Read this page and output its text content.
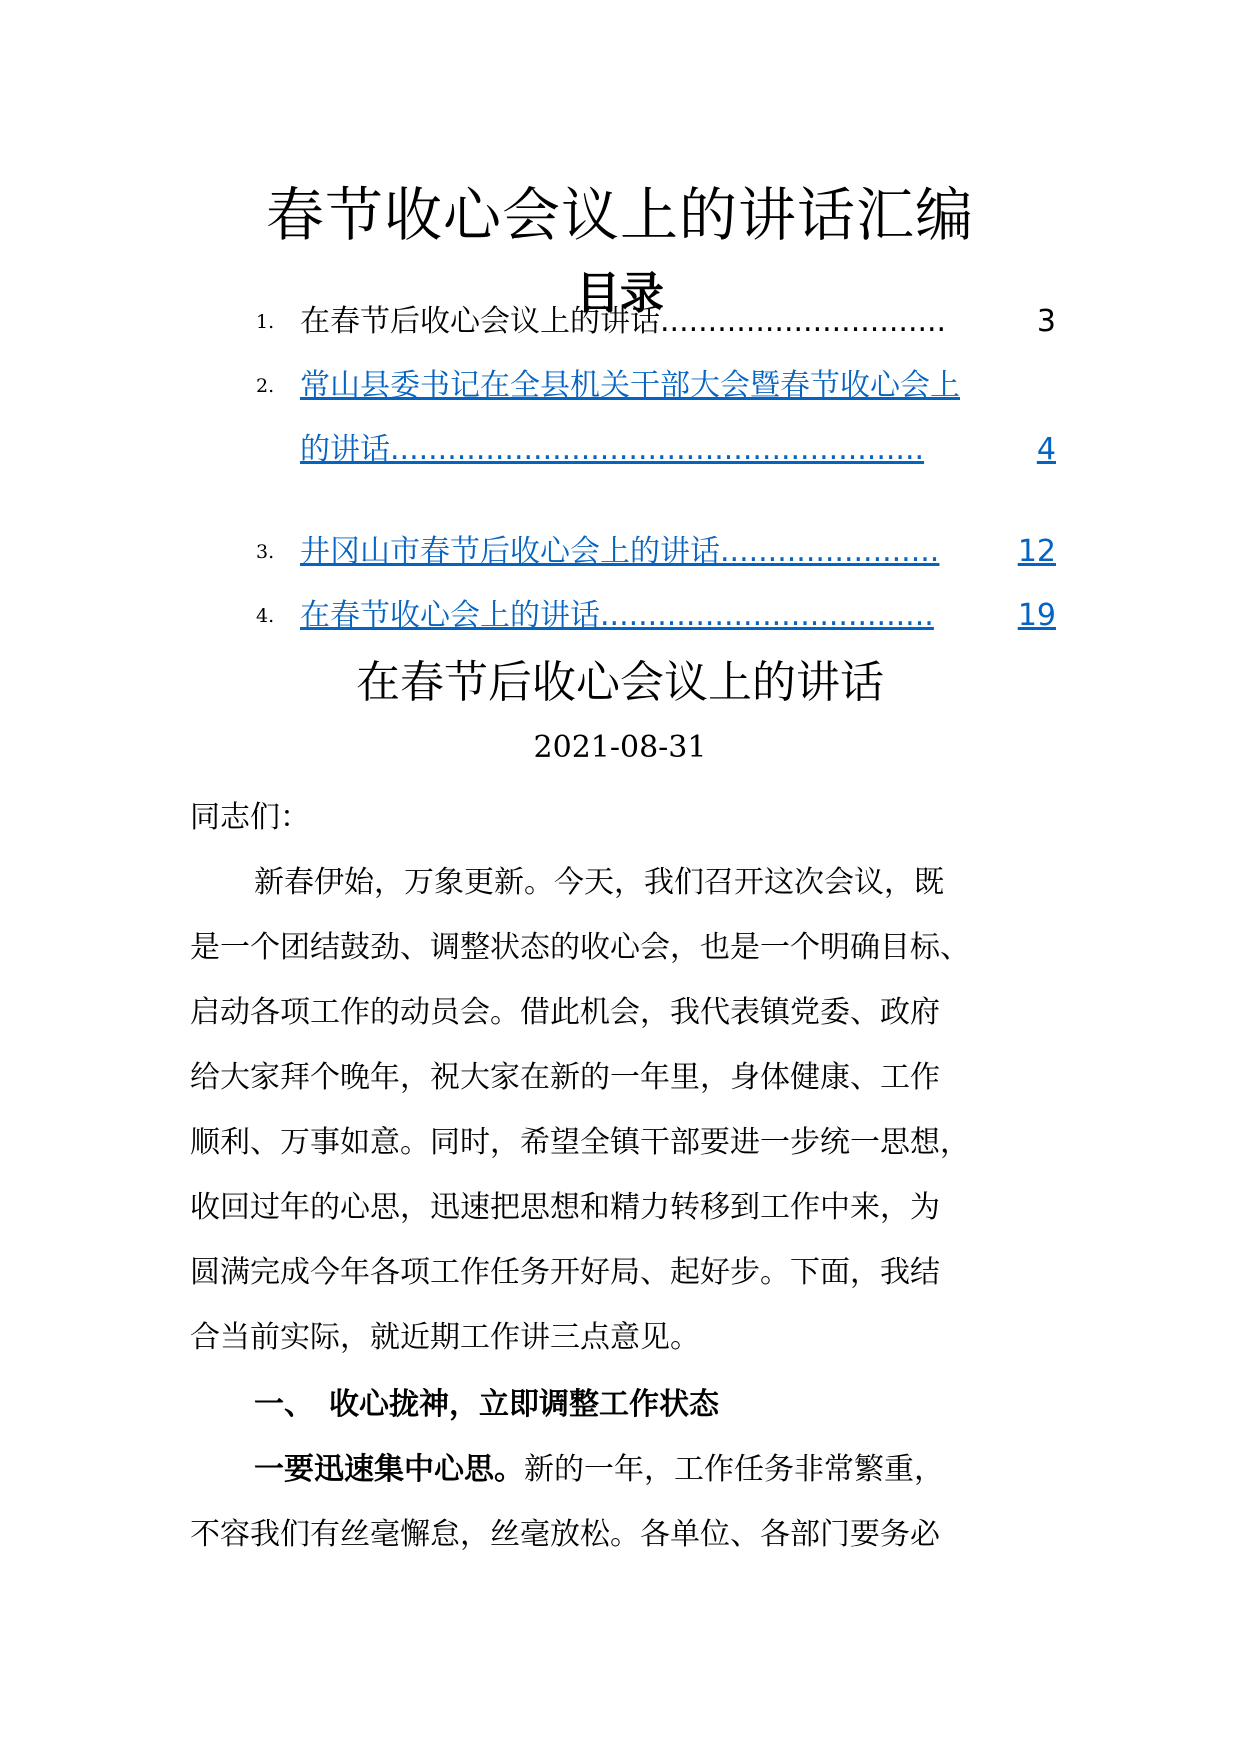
春节收心会议上的讲话汇编
目录
1. 在春节后收心会议上的讲话 ..............................	3
2. 常山县委书记在全县机关干部大会暨春节收心会上
的讲话 ........................................................	4
3. 井冈山市春节后收心会上的讲话 .......................	12
4. 在春节收心会上的讲话 ...................................	19
在春节后收心会议上的讲话
2021-08-31
同志们：
新春伊始，万象更新。今天，我们召开这次会议，既
是一个团结鼓劲、调整状态的收心会，也是一个明确目标、
启动各项工作的动员会。借此机会，我代表镇党委、政府
给大家拜个晚年，祝大家在新的一年里，身体健康、工作
顺利、万事如意。同时，希望全镇干部要进一步统一思想，
收回过年的心思，迅速把思想和精力转移到工作中来，为
圆满完成今年各项工作任务开好局、起好步。下面，我结
合当前实际，就近期工作讲三点意见。
一、　收心拢神，立即调整工作状态
一要迅速集中心思。新的一年，工作任务非常繁重，
不容我们有丝毫懈怠，丝毫放松。各单位、各部门要务必
